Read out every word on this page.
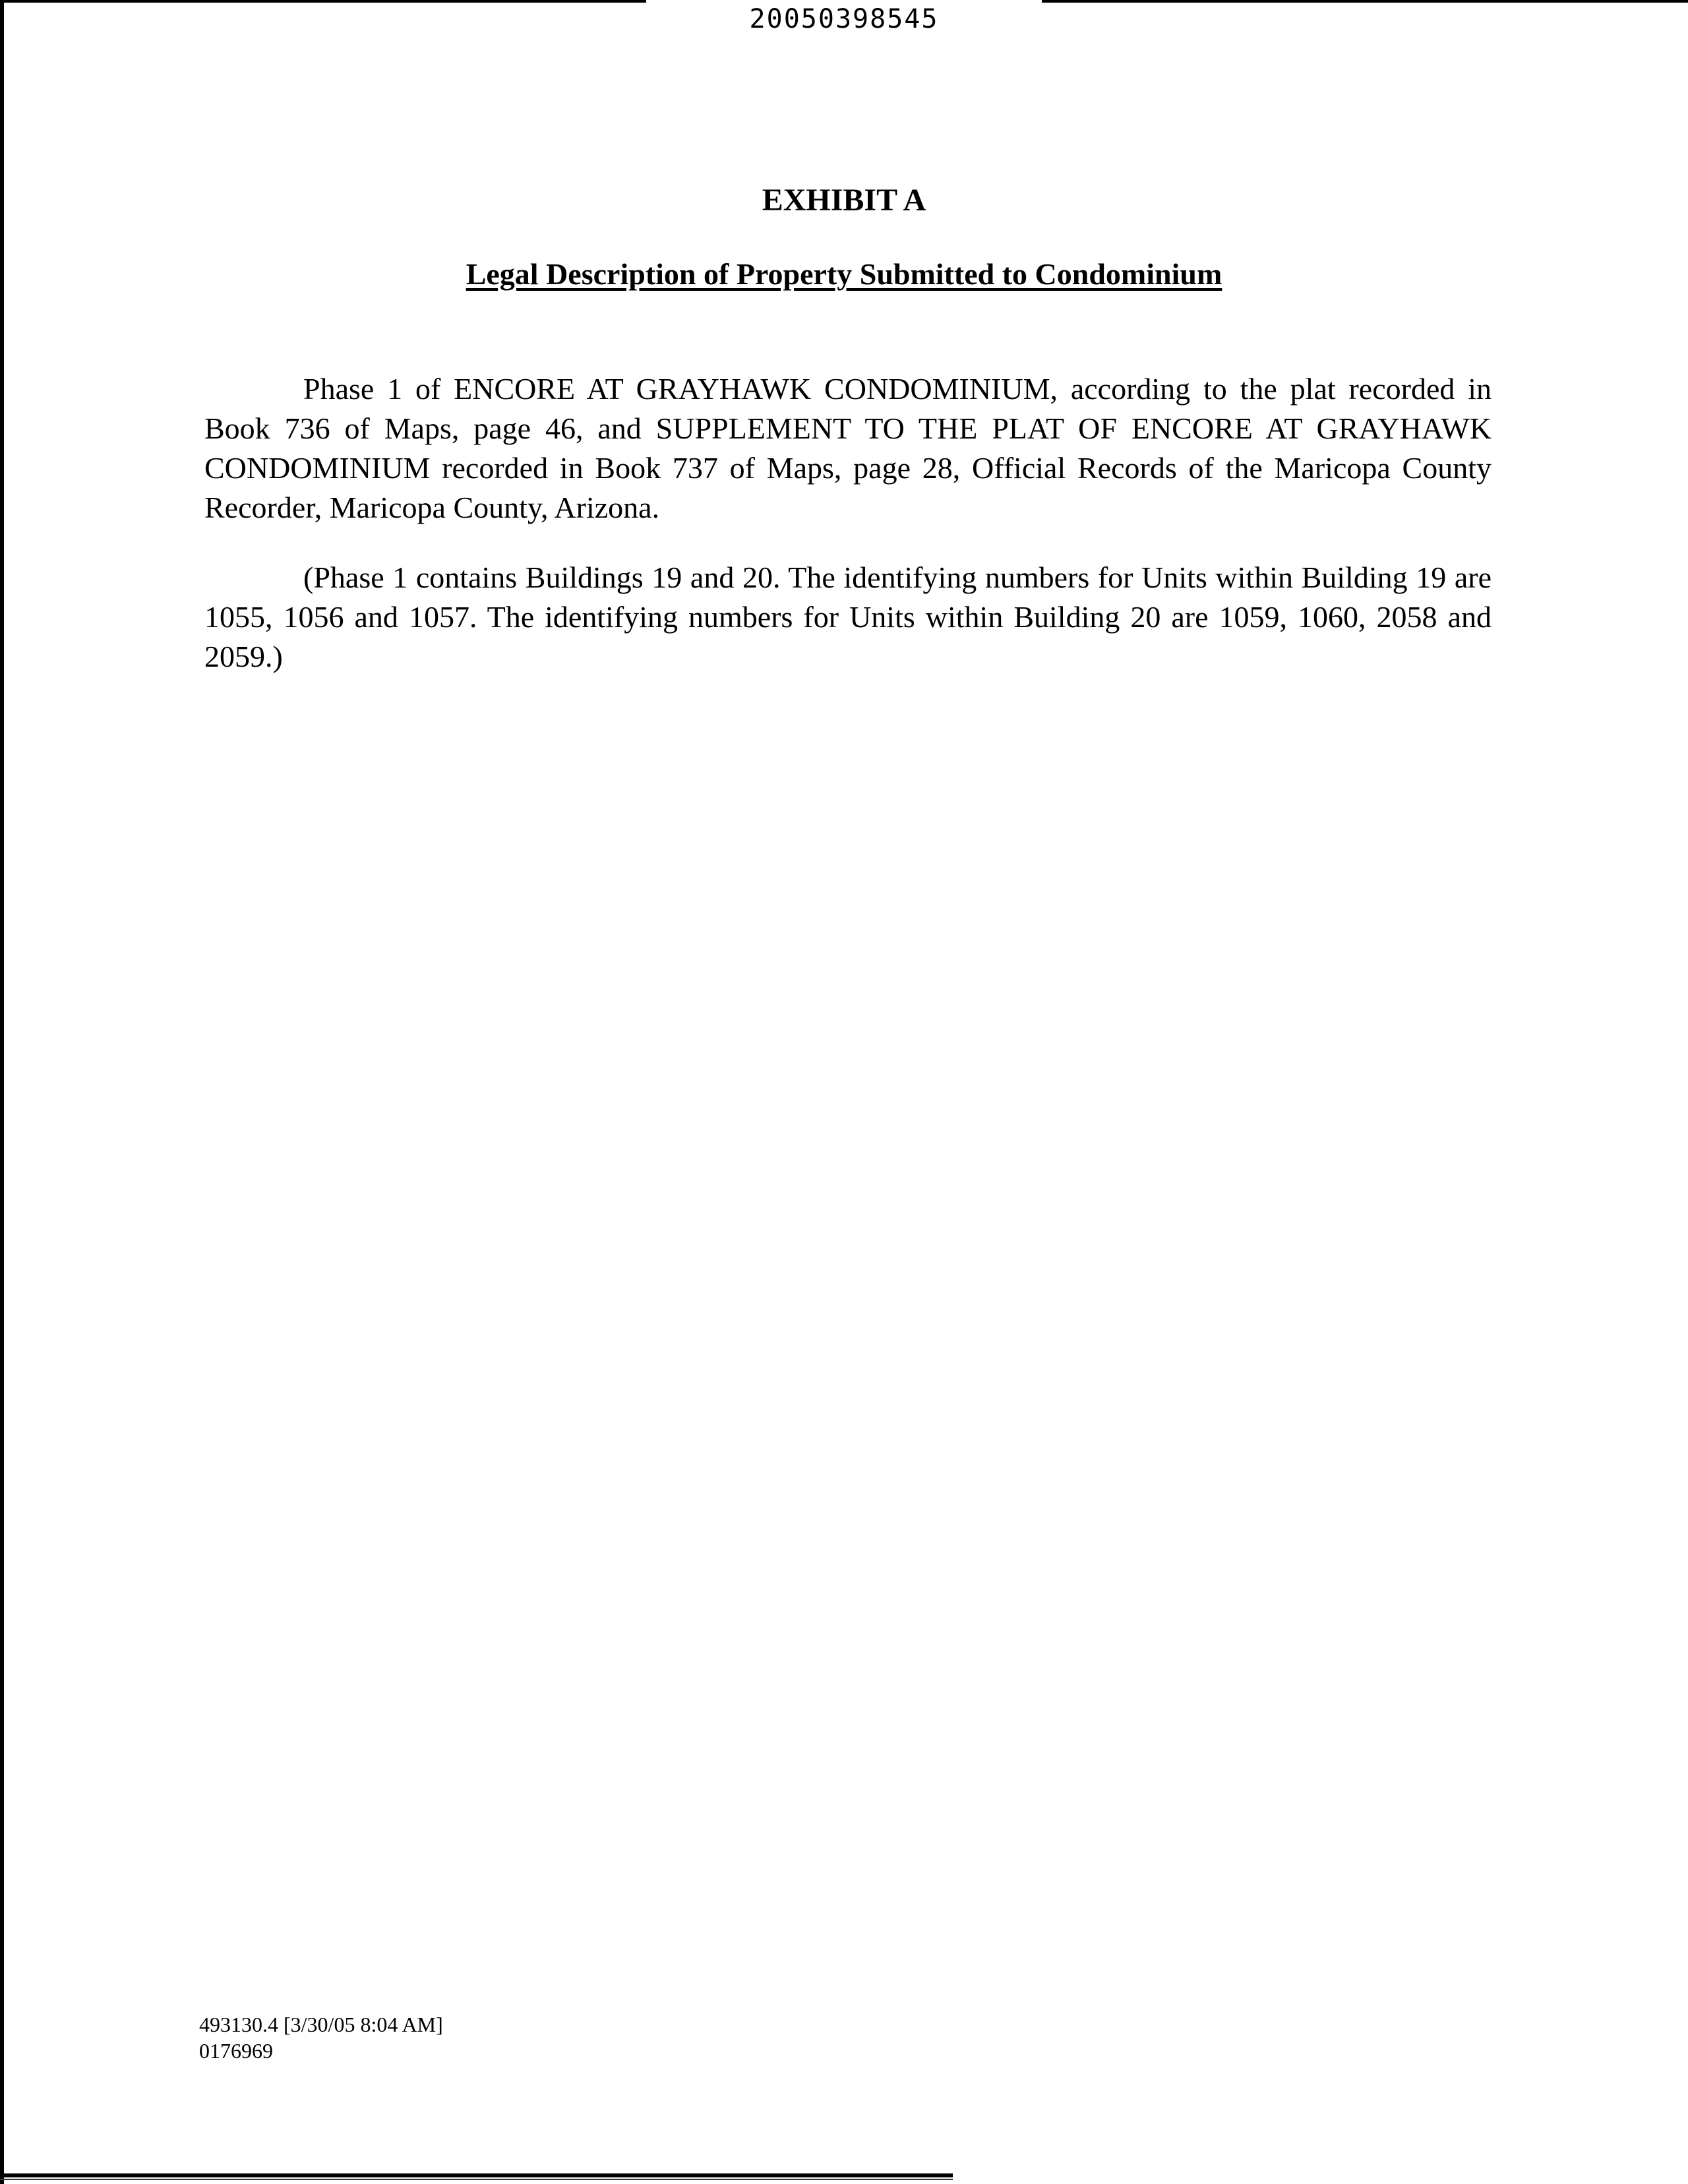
20050398545
EXHIBIT A
Legal Description of Property Submitted to Condominium

Phase 1 of ENCORE AT GRAYHAWK CONDOMINIUM, according to the plat recorded in Book 736 of Maps, page 46, and SUPPLEMENT TO THE PLAT OF ENCORE AT GRAYHAWK CONDOMINIUM recorded in Book 737 of Maps, page 28, Official Records of the Maricopa County Recorder, Maricopa County, Arizona.

(Phase 1 contains Buildings 19 and 20. The identifying numbers for Units within Building 19 are 1055, 1056 and 1057. The identifying numbers for Units within Building 20 are 1059, 1060, 2058 and 2059.)

493130.4 [3/30/05 8:04 AM]
0176969
